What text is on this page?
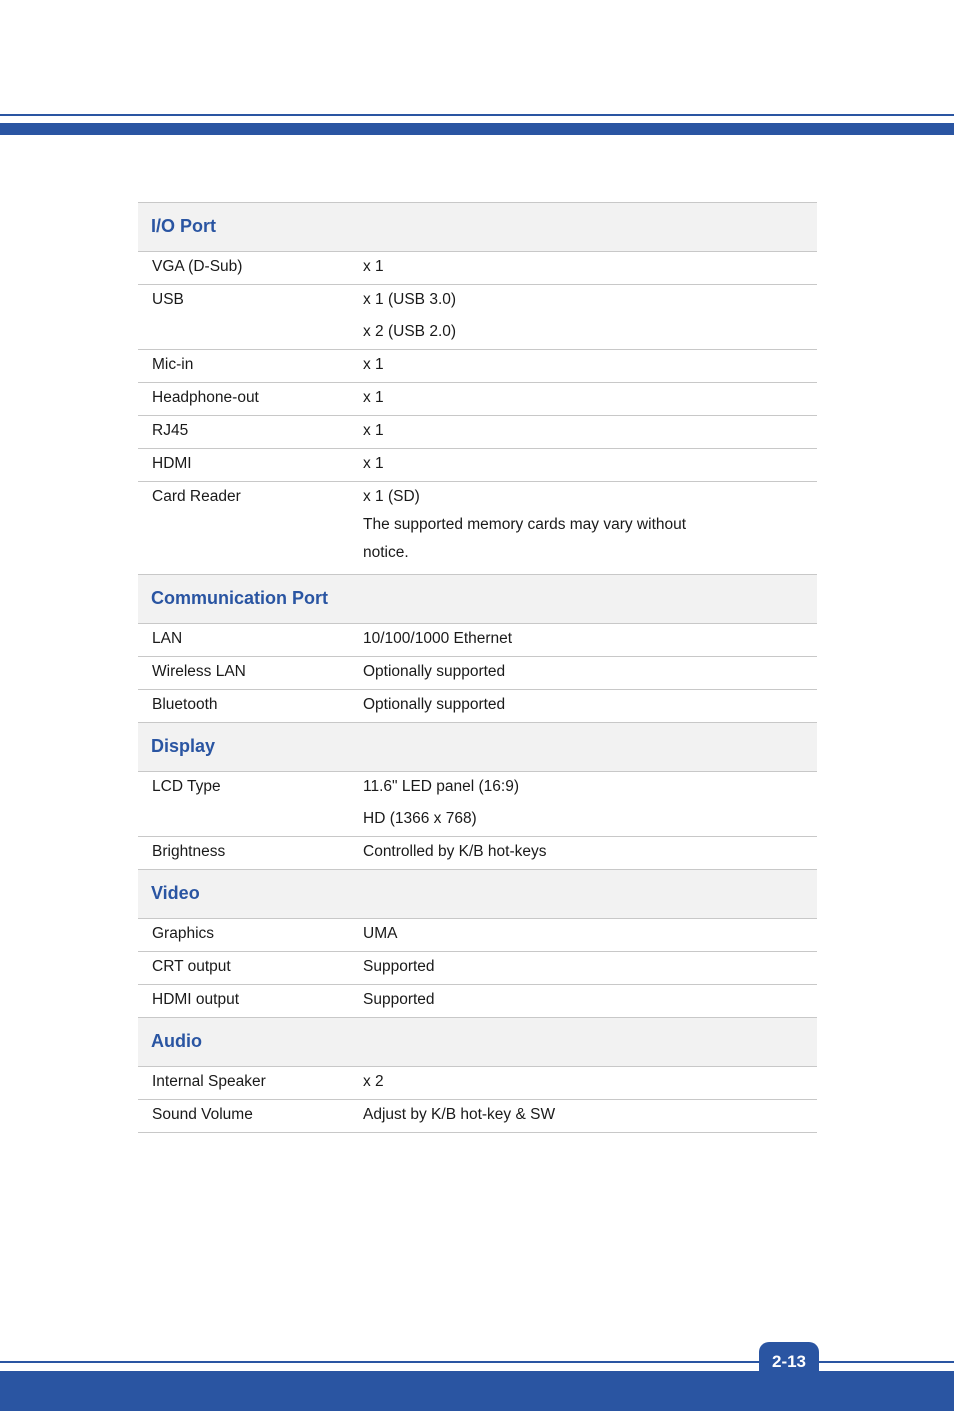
I/O Port
VGA (D-Sub)	x 1
USB	x 1 (USB 3.0)
x 2 (USB 2.0)
Mic-in	x 1
Headphone-out	x 1
RJ45	x 1
HDMI	x 1
Card Reader	x 1 (SD)
The supported memory cards may vary without notice.
Communication Port
LAN	10/100/1000 Ethernet
Wireless LAN	Optionally supported
Bluetooth	Optionally supported
Display
LCD Type	11.6" LED panel (16:9)
HD (1366 x 768)
Brightness	Controlled by K/B hot-keys
Video
Graphics	UMA
CRT output	Supported
HDMI output	Supported
Audio
Internal Speaker	x 2
Sound Volume	Adjust by K/B hot-key & SW
2-13
